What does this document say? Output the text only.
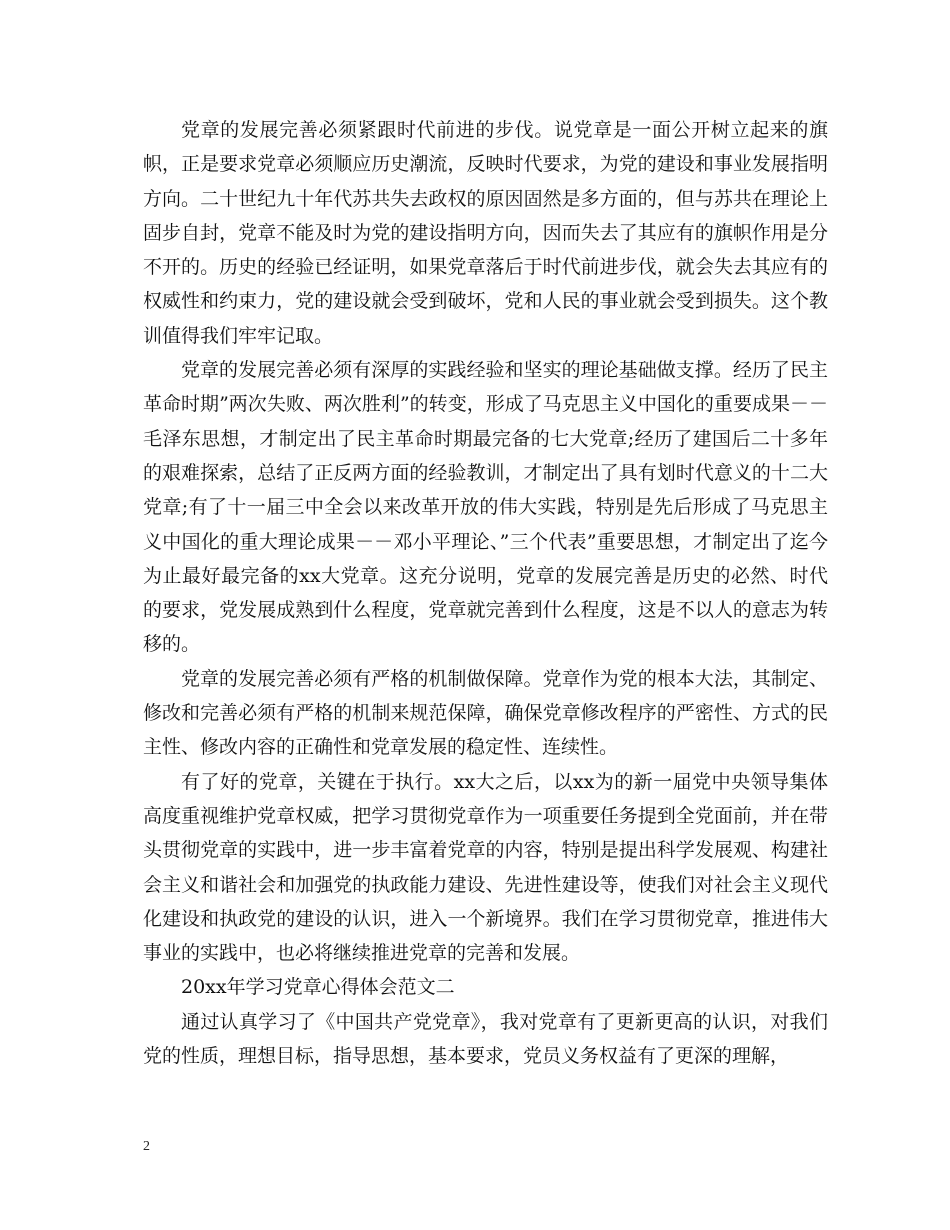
党章的发展完善必须紧跟时代前进的步伐。说党章是一面公开树立起来的旗帜，正是要求党章必须顺应历史潮流，反映时代要求，为党的建设和事业发展指明方向。二十世纪九十年代苏共失去政权的原因固然是多方面的，但与苏共在理论上固步自封，党章不能及时为党的建设指明方向，因而失去了其应有的旗帜作用是分不开的。历史的经验已经证明，如果党章落后于时代前进步伐，就会失去其应有的权威性和约束力，党的建设就会受到破坏，党和人民的事业就会受到损失。这个教训值得我们牢牢记取。

党章的发展完善必须有深厚的实践经验和坚实的理论基础做支撑。经历了民主革命时期”两次失败、两次胜利”的转变，形成了马克思主义中国化的重要成果－－毛泽东思想，才制定出了民主革命时期最完备的七大党章;经历了建国后二十多年的艰难探索，总结了正反两方面的经验教训，才制定出了具有划时代意义的十二大党章;有了十一届三中全会以来改革开放的伟大实践，特别是先后形成了马克思主义中国化的重大理论成果－－邓小平理论、”三个代表”重要思想，才制定出了迄今为止最好最完备的xx大党章。这充分说明，党章的发展完善是历史的必然、时代的要求，党发展成熟到什么程度，党章就完善到什么程度，这是不以人的意志为转移的。

党章的发展完善必须有严格的机制做保障。党章作为党的根本大法，其制定、修改和完善必须有严格的机制来规范保障，确保党章修改程序的严密性、方式的民主性、修改内容的正确性和党章发展的稳定性、连续性。

有了好的党章，关键在于执行。xx大之后，以xx为的新一届党中央领导集体高度重视维护党章权威，把学习贯彻党章作为一项重要任务提到全党面前，并在带头贯彻党章的实践中，进一步丰富着党章的内容，特别是提出科学发展观、构建社会主义和谐社会和加强党的执政能力建设、先进性建设等，使我们对社会主义现代化建设和执政党的建设的认识，进入一个新境界。我们在学习贯彻党章，推进伟大事业的实践中，也必将继续推进党章的完善和发展。

20xx年学习党章心得体会范文二

通过认真学习了《中国共产党党章》，我对党章有了更新更高的认识，对我们党的性质，理想目标，指导思想，基本要求，党员义务权益有了更深的理解，

2
